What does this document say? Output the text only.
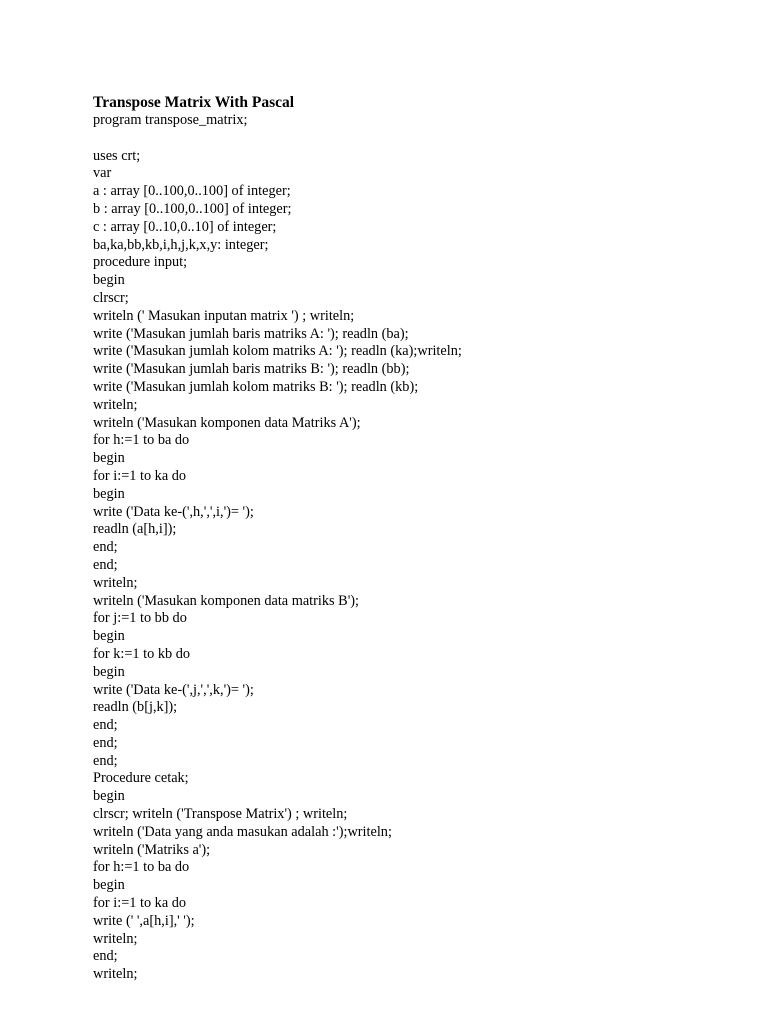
Transpose Matrix With Pascal
program transpose_matrix;
uses crt;
var
a : array [0..100,0..100] of integer;
b : array [0..100,0..100] of integer;
c : array [0..10,0..10] of integer;
ba,ka,bb,kb,i,h,j,k,x,y: integer;
procedure input;
begin
clrscr;
writeln (' Masukan inputan matrix ') ; writeln;
write ('Masukan jumlah baris matriks A: '); readln (ba);
write ('Masukan jumlah kolom matriks A: '); readln (ka);writeln;
write ('Masukan jumlah baris matriks B: '); readln (bb);
write ('Masukan jumlah kolom matriks B: '); readln (kb);
writeln;
writeln ('Masukan komponen data Matriks A');
for h:=1 to ba do
begin
for i:=1 to ka do
begin
write ('Data ke-(',h,',',i,')= ');
readln (a[h,i]);
end;
end;
writeln;
writeln ('Masukan komponen data matriks B');
for j:=1 to bb do
begin
for k:=1 to kb do
begin
write ('Data ke-(',j,',',k,')= ');
readln (b[j,k]);
end;
end;
end;
Procedure cetak;
begin
clrscr; writeln ('Transpose Matrix') ; writeln;
writeln ('Data yang anda masukan adalah :');writeln;
writeln ('Matriks a');
for h:=1 to ba do
begin
for i:=1 to ka do
write (' ',a[h,i],' ');
writeln;
end;
writeln;
